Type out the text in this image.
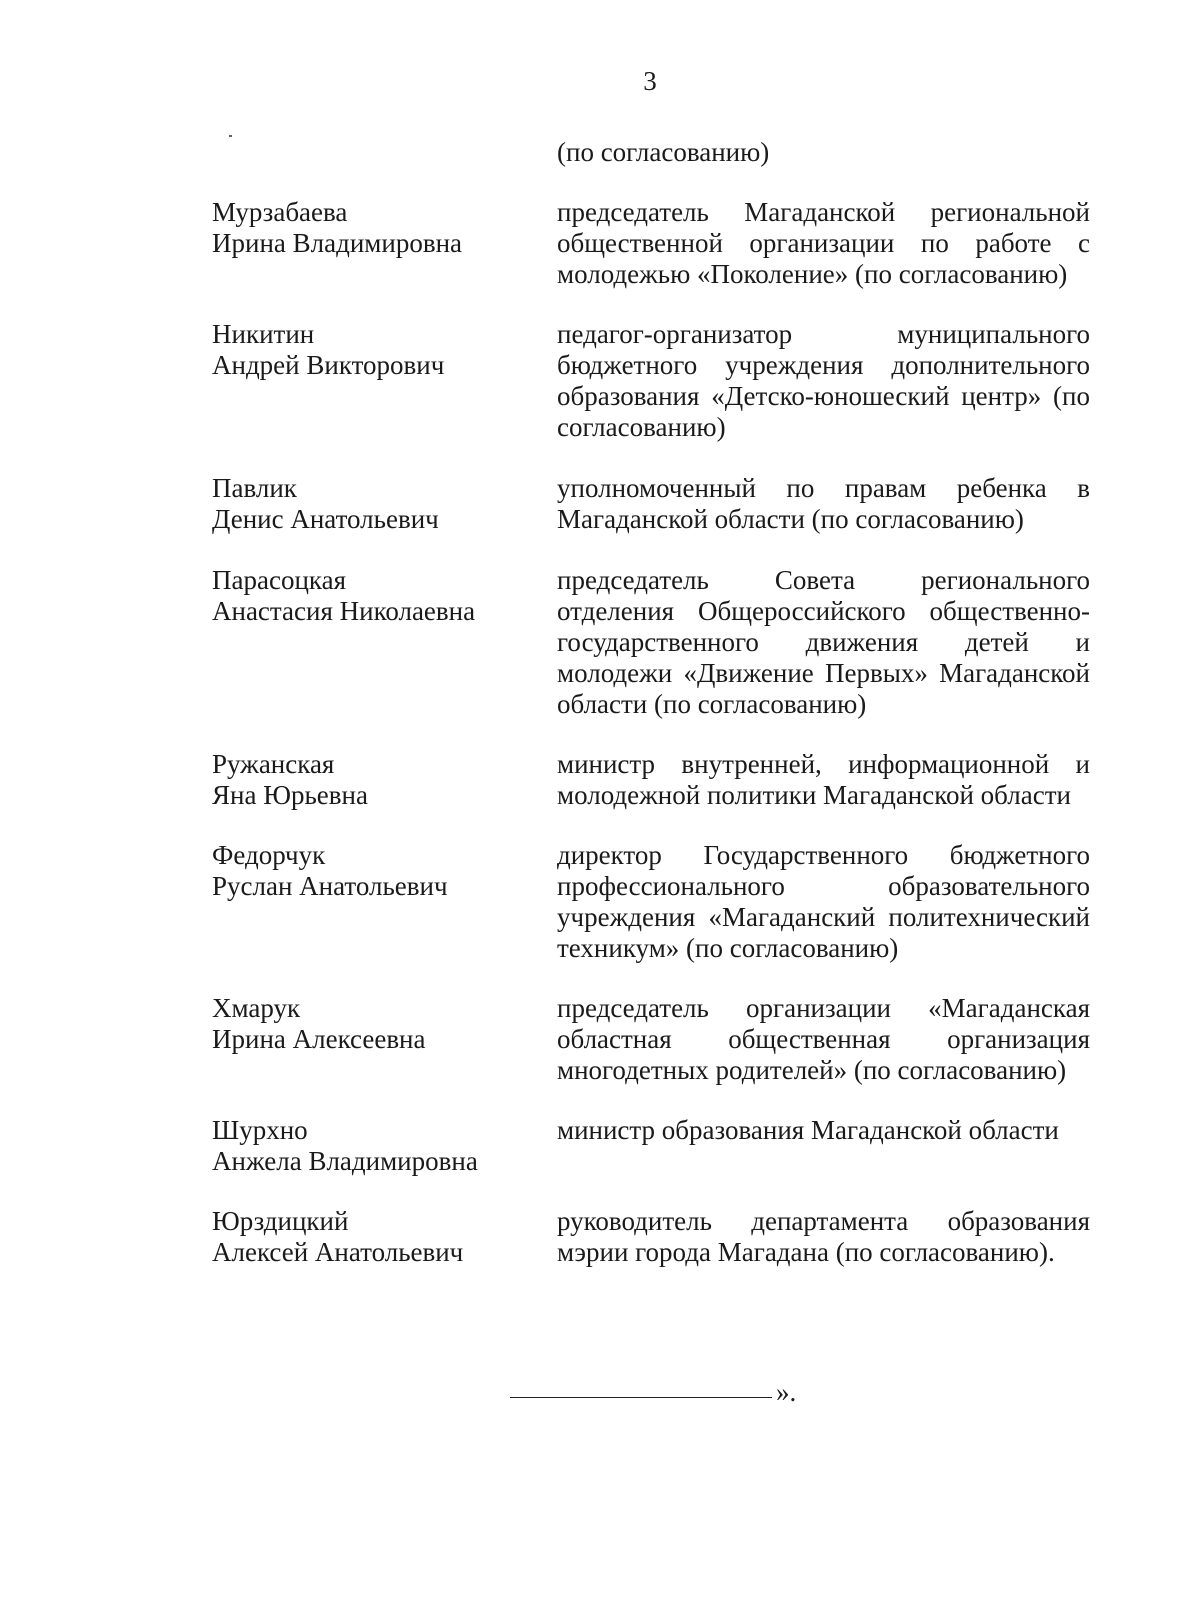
3
(по согласованию)
Мурзабаева
Ирина Владимировна
председатель Магаданской региональной общественной организации по работе с молодежью «Поколение» (по согласованию)
Никитин
Андрей Викторович
педагог-организатор муниципального бюджетного учреждения дополнительного образования «Детско-юношеский центр» (по согласованию)
Павлик
Денис Анатольевич
уполномоченный по правам ребенка в Магаданской области (по согласованию)
Парасоцкая
Анастасия Николаевна
председатель Совета регионального отделения Общероссийского общественно-государственного движения детей и молодежи «Движение Первых» Магаданской области (по согласованию)
Ружанская
Яна Юрьевна
министр внутренней, информационной и молодежной политики Магаданской области
Федорчук
Руслан Анатольевич
директор Государственного бюджетного профессионального образовательного учреждения «Магаданский политехнический техникум» (по согласованию)
Хмарук
Ирина Алексеевна
председатель организации «Магаданская областная общественная организация многодетных родителей» (по согласованию)
Шурхно
Анжела Владимировна
министр образования Магаданской области
Юрздицкий
Алексей Анатольевич
руководитель департамента образования мэрии города Магадана (по согласованию).
».
